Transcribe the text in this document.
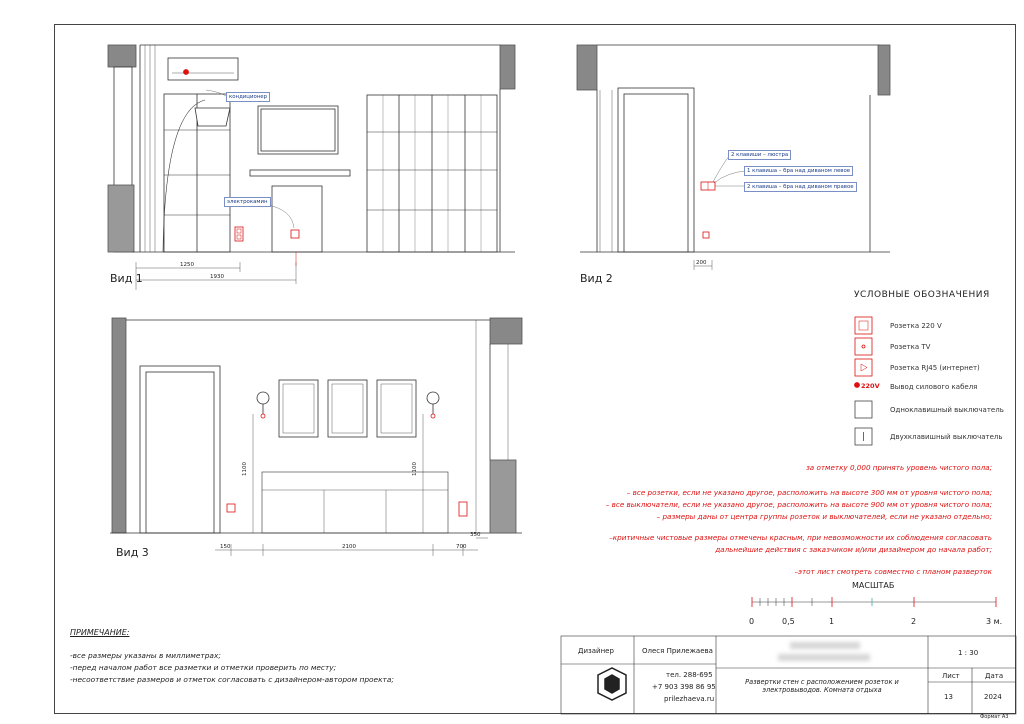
Вид 1	Вид 2
Вид 3
1250
1930
200
150	2100	700
350
1100	1100
кондиционер
электрокамин
2 клавиши – люстра
1 клавиша – бра над диваном левое
2 клавиша – бра над диваном правое
УСЛОВНЫЕ ОБОЗНАЧЕНИЯ
Розетка 220 V
Розетка TV
Розетка RJ45 (интернет)
220V Вывод силового кабеля
Одноклавишный выключатель
Двухклавишный выключатель
за отметку 0,000 принять уровень чистого пола;
– все розетки, если не указано другое, расположить на высоте 300 мм от уровня чистого пола;
– все выключатели, если не указано другое, расположить на высоте 900 мм от уровня чистого пола;
– размеры даны от центра группы розеток и выключателей, если не указано отдельно;
–критичные чистовые размеры отмечены красным, при невозможности их соблюдения согласовать
дальнейшие действия с заказчиком и/или дизайнером до начала работ;
–этот лист смотреть совместно с планом разверток
МАСШТАБ
0	0,5	1	2	3 м.
ПРИМЕЧАНИЕ:
-все размеры указаны в миллиметрах;
-перед началом работ все разметки и отметки проверить по месту;
-несоответствие размеров и отметок согласовать с дизайнером-автором проекта;
Дизайнер	Олеся Прилежаева
тел. 288-695
+7 903 398 86 95
prilezhaeva.ru
Развертки стен с расположением розеток и электровыводов. Комната отдыха
1 : 30
Лист	Дата
13	2024
Формат А3
